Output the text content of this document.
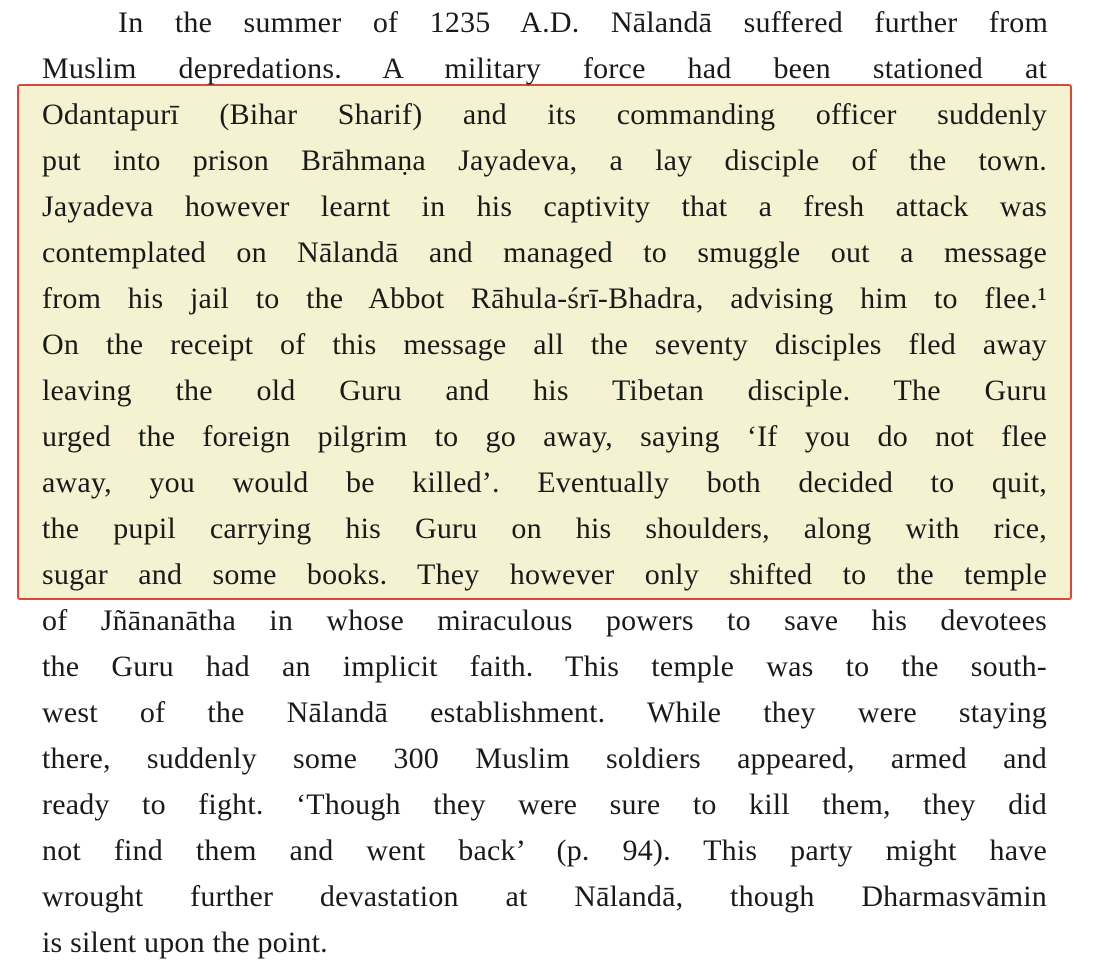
In the summer of 1235 A.D. Nālandā suffered further from
Muslim depredations. A military force had been stationed at
Odantapurī (Bihar Sharif) and its commanding officer suddenly
put into prison Brāhmaṇa Jayadeva, a lay disciple of the town.
Jayadeva however learnt in his captivity that a fresh attack was
contemplated on Nālandā and managed to smuggle out a message
from his jail to the Abbot Rāhula-śrī-Bhadra, advising him to flee.¹
On the receipt of this message all the seventy disciples fled away
leaving the old Guru and his Tibetan disciple. The Guru
urged the foreign pilgrim to go away, saying ‘If you do not flee
away, you would be killed’. Eventually both decided to quit,
the pupil carrying his Guru on his shoulders, along with rice,
sugar and some books. They however only shifted to the temple
of Jñānanātha in whose miraculous powers to save his devotees
the Guru had an implicit faith. This temple was to the south-
west of the Nālandā establishment. While they were staying
there, suddenly some 300 Muslim soldiers appeared, armed and
ready to fight. ‘Though they were sure to kill them, they did
not find them and went back’ (p. 94). This party might have
wrought further devastation at Nālandā, though Dharmasvāmin
is silent upon the point.
